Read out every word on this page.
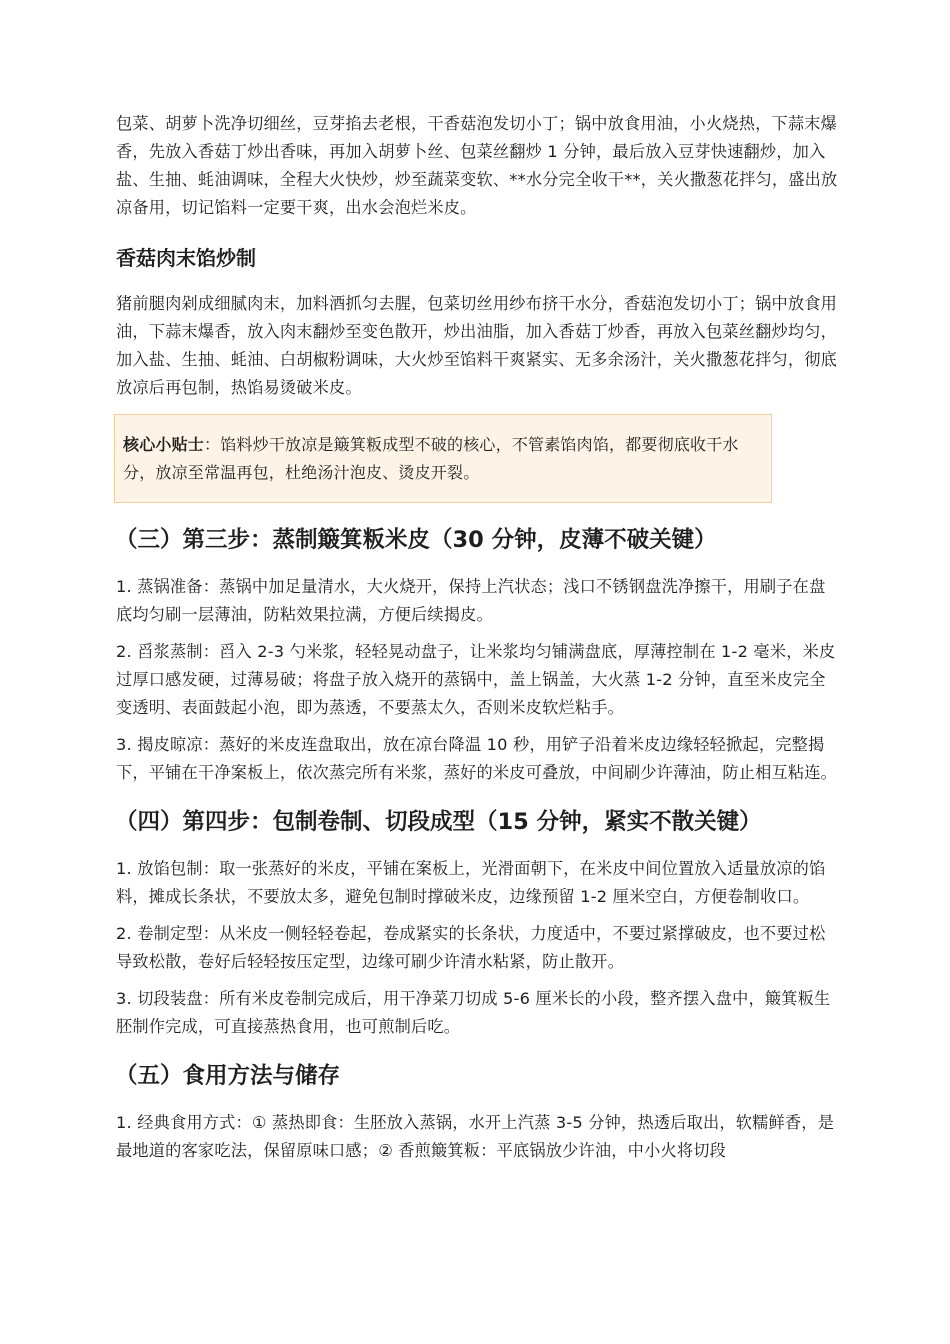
包菜、胡萝卜洗净切细丝，豆芽掐去老根，干香菇泡发切小丁；锅中放食用油，小火烧热，下蒜末爆香，先放入香菇丁炒出香味，再加入胡萝卜丝、包菜丝翻炒 1 分钟，最后放入豆芽快速翻炒，加入盐、生抽、蚝油调味，全程大火快炒，炒至蔬菜变软、**水分完全收干**，关火撒葱花拌匀，盛出放凉备用，切记馅料一定要干爽，出水会泡烂米皮。

香菇肉末馅炒制

猪前腿肉剁成细腻肉末，加料酒抓匀去腥，包菜切丝用纱布挤干水分，香菇泡发切小丁；锅中放食用油，下蒜末爆香，放入肉末翻炒至变色散开，炒出油脂，加入香菇丁炒香，再放入包菜丝翻炒均匀，加入盐、生抽、蚝油、白胡椒粉调味，大火炒至馅料干爽紧实、无多余汤汁，关火撒葱花拌匀，彻底放凉后再包制，热馅易烫破米皮。

核心小贴士：馅料炒干放凉是簸箕粄成型不破的核心，不管素馅肉馅，都要彻底收干水分，放凉至常温再包，杜绝汤汁泡皮、烫皮开裂。

（三）第三步：蒸制簸箕粄米皮（30 分钟，皮薄不破关键）

1. 蒸锅准备：蒸锅中加足量清水，大火烧开，保持上汽状态；浅口不锈钢盘洗净擦干，用刷子在盘底均匀刷一层薄油，防粘效果拉满，方便后续揭皮。

2. 舀浆蒸制：舀入 2-3 勺米浆，轻轻晃动盘子，让米浆均匀铺满盘底，厚薄控制在 1-2 毫米，米皮过厚口感发硬，过薄易破；将盘子放入烧开的蒸锅中，盖上锅盖，大火蒸 1-2 分钟，直至米皮完全变透明、表面鼓起小泡，即为蒸透，不要蒸太久，否则米皮软烂粘手。

3. 揭皮晾凉：蒸好的米皮连盘取出，放在凉台降温 10 秒，用铲子沿着米皮边缘轻轻掀起，完整揭下，平铺在干净案板上，依次蒸完所有米浆，蒸好的米皮可叠放，中间刷少许薄油，防止相互粘连。

（四）第四步：包制卷制、切段成型（15 分钟，紧实不散关键）

1. 放馅包制：取一张蒸好的米皮，平铺在案板上，光滑面朝下，在米皮中间位置放入适量放凉的馅料，摊成长条状，不要放太多，避免包制时撑破米皮，边缘预留 1-2 厘米空白，方便卷制收口。

2. 卷制定型：从米皮一侧轻轻卷起，卷成紧实的长条状，力度适中，不要过紧撑破皮，也不要过松导致松散，卷好后轻轻按压定型，边缘可刷少许清水粘紧，防止散开。

3. 切段装盘：所有米皮卷制完成后，用干净菜刀切成 5-6 厘米长的小段，整齐摆入盘中，簸箕粄生胚制作完成，可直接蒸热食用，也可煎制后吃。

（五）食用方法与储存

1. 经典食用方式：① 蒸热即食：生胚放入蒸锅，水开上汽蒸 3-5 分钟，热透后取出，软糯鲜香，是最地道的客家吃法，保留原味口感；② 香煎簸箕粄：平底锅放少许油，中小火将切段
